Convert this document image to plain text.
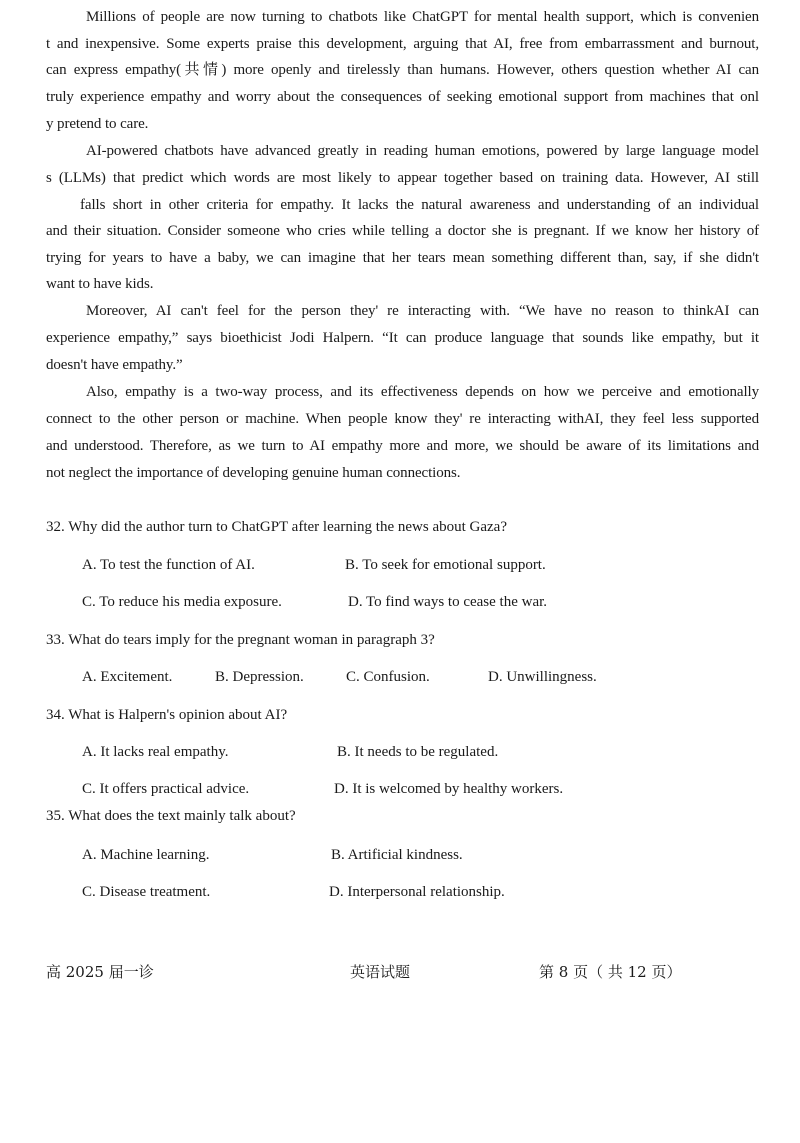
Millions of people are now turning to chatbots like ChatGPT for mental health support, which is convenien
t and inexpensive. Some experts praise this development, arguing that AI, free from embarrassment and burnout,
can express empathy(共情) more openly and tirelessly than humans. However, others question whether AI can
truly experience empathy and worry about the consequences of seeking emotional support from machines that onl
y pretend to care.
AI-powered chatbots have advanced greatly in reading human emotions, powered by large language model
s (LLMs) that predict which words are most likely to appear together based on training data. However, AI still
falls short in other criteria for empathy. It lacks the natural awareness and understanding of an individual
and their situation. Consider someone who cries while telling a doctor she is pregnant. If we know her history of
trying for years to have a baby, we can imagine that her tears mean something different than, say, if she didn't
want to have kids.
Moreover, AI can't feel for the person they' re interacting with. “We have no reason to thinkAI can
experience empathy,” says bioethicist Jodi Halpern. “It can produce language that sounds like empathy, but it
doesn't have empathy.”
Also, empathy is a two-way process, and its effectiveness depends on how we perceive and emotionally
connect to the other person or machine. When people know they' re interacting withAI, they feel less supported
and understood. Therefore, as we turn to AI empathy more and more, we should be aware of its limitations and
not neglect the importance of developing genuine human connections.
32. Why did the author turn to ChatGPT after learning the news about Gaza?
A. To test the function of AI.	B. To seek for emotional support.
C. To reduce his media exposure.	D. To find ways to cease the war.
33. What do tears imply for the pregnant woman in paragraph 3?
A. Excitement.	B. Depression.	C. Confusion.	D. Unwillingness.
34. What is Halpern's opinion about AI?
A. It lacks real empathy.	B. It needs to be regulated.
C. It offers practical advice.	D. It is welcomed by healthy workers.
35. What does the text mainly talk about?
A. Machine learning.	B. Artificial kindness.
C. Disease treatment.	D. Interpersonal relationship.
高 2025 届一诊	英语试题	第 8 页（ 共 12 页）
